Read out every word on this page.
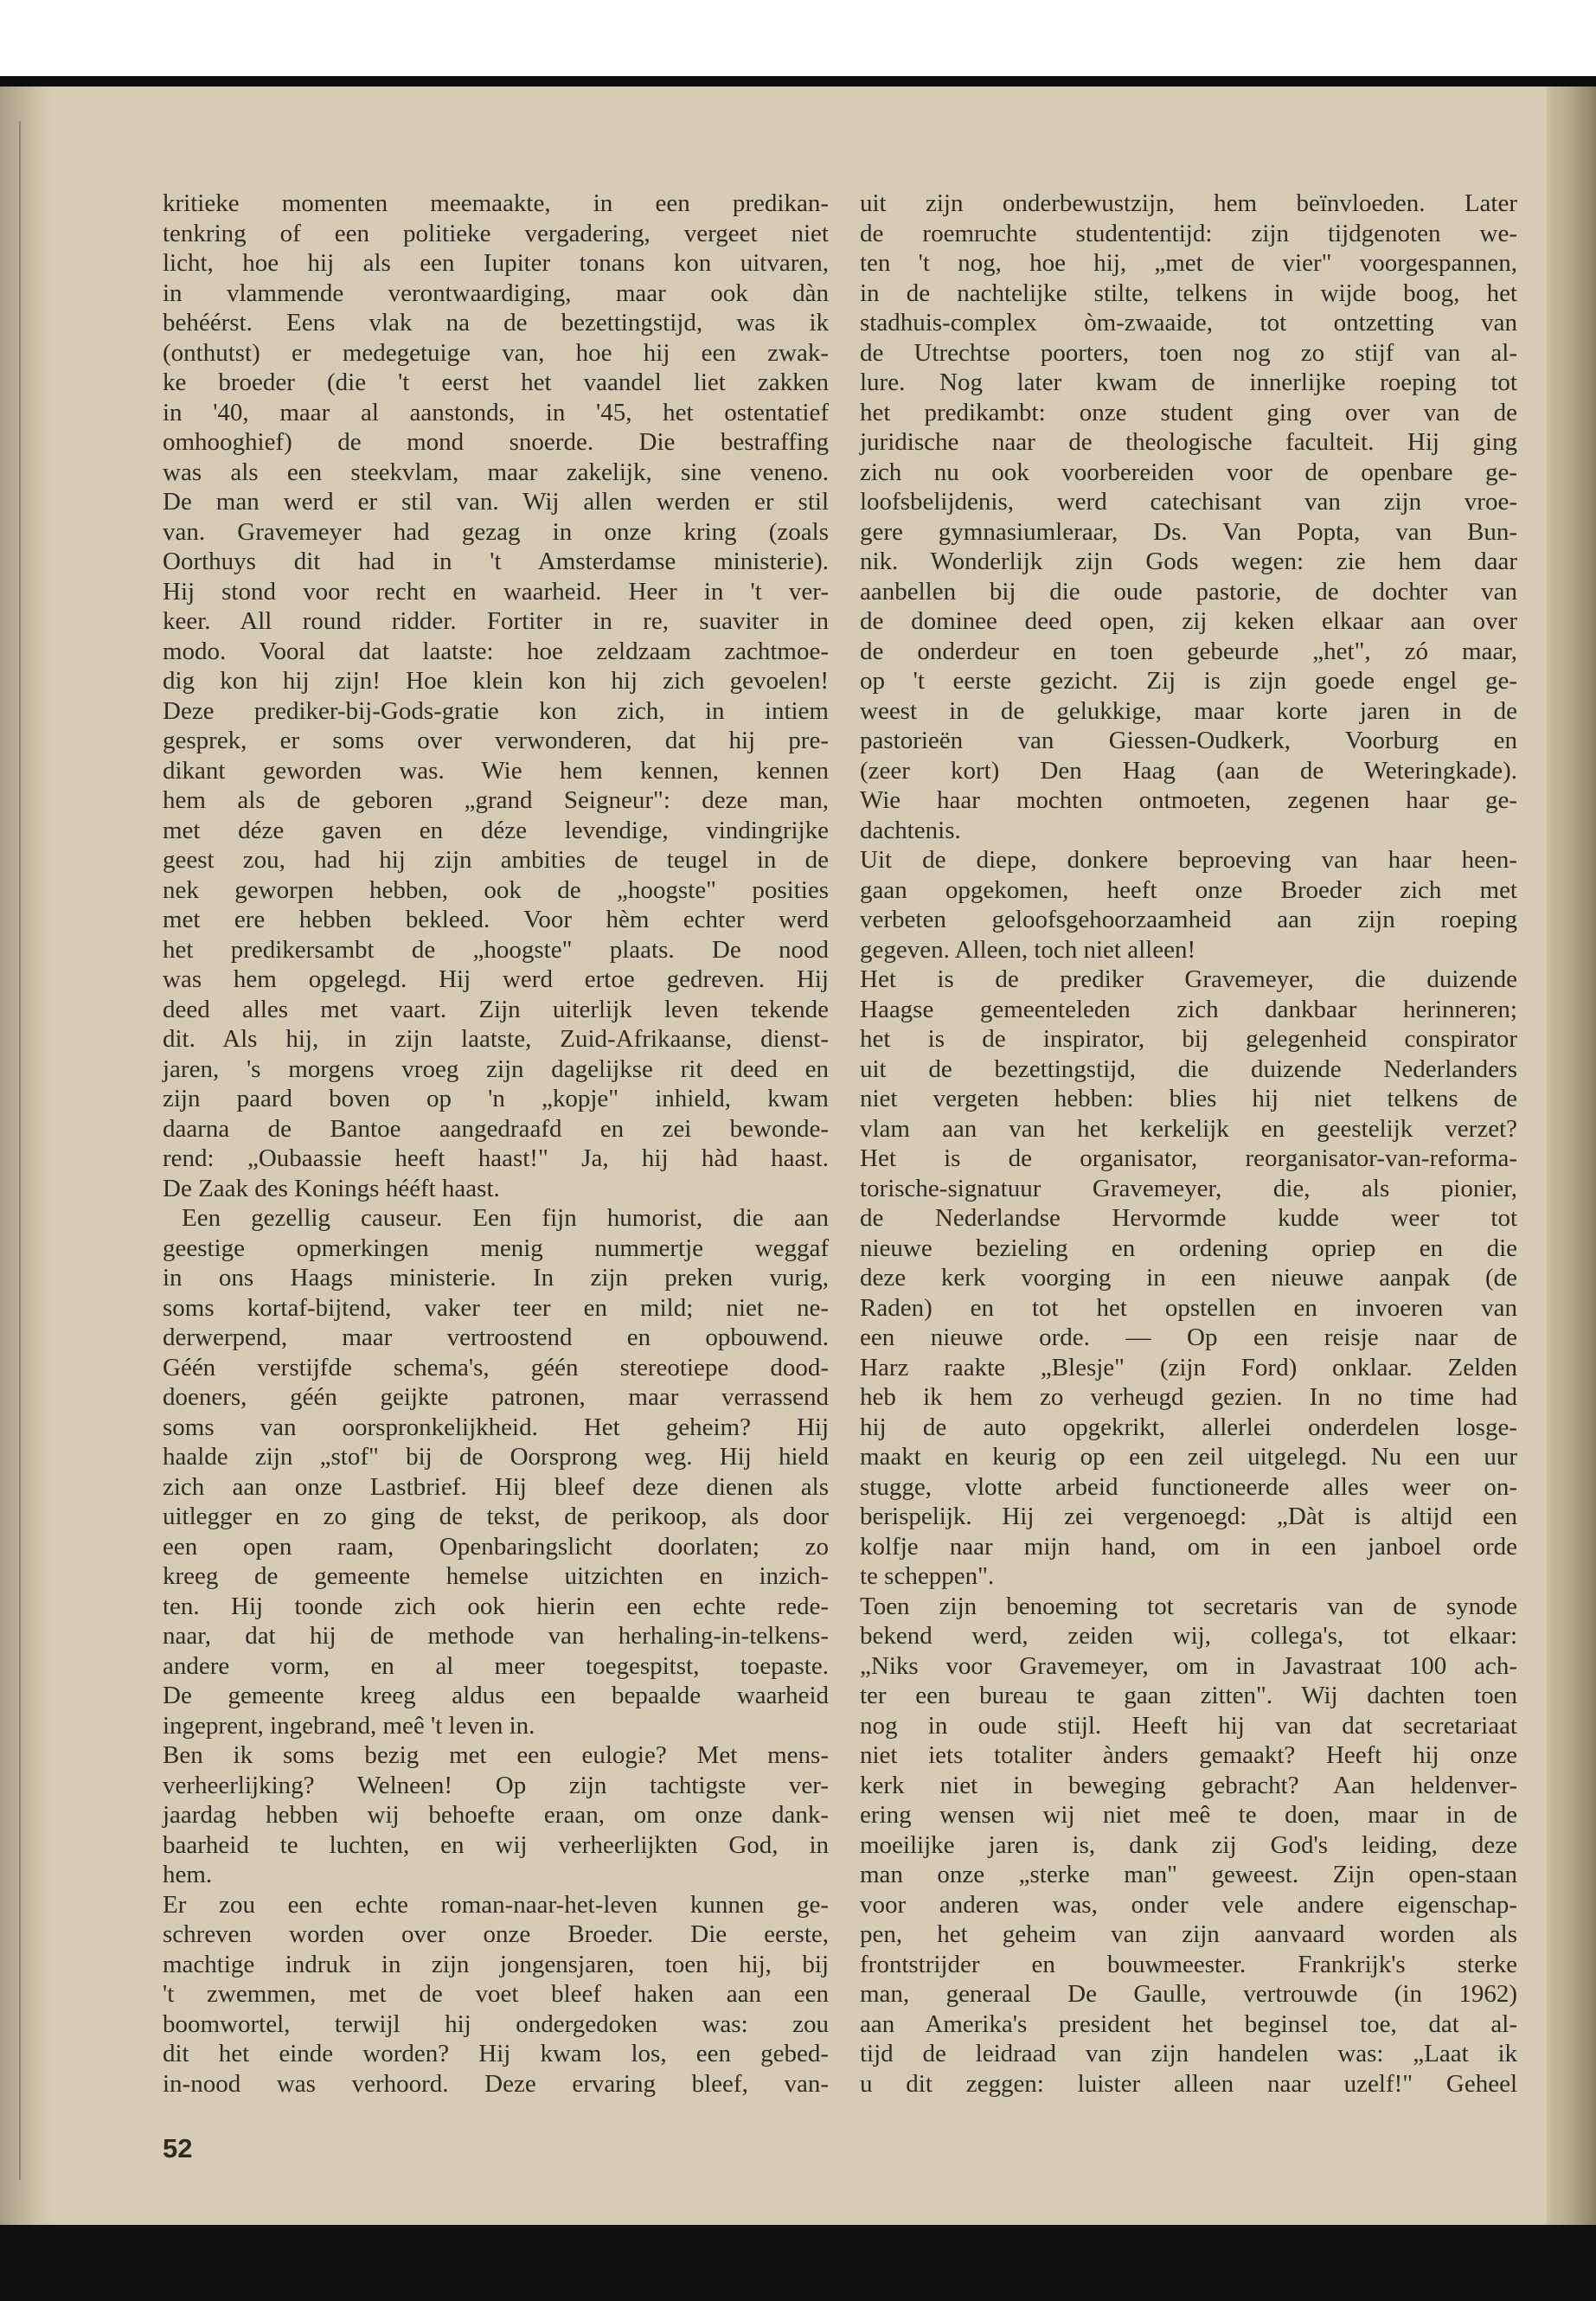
kritieke momenten meemaakte, in een predikan-
tenkring of een politieke vergadering, vergeet niet
licht, hoe hij als een Iupiter tonans kon uitvaren,
in vlammende verontwaardiging, maar ook dàn
behéérst. Eens vlak na de bezettingstijd, was ik
(onthutst) er medegetuige van, hoe hij een zwak-
ke broeder (die 't eerst het vaandel liet zakken
in '40, maar al aanstonds, in '45, het ostentatief
omhooghief) de mond snoerde. Die bestraffing
was als een steekvlam, maar zakelijk, sine veneno.
De man werd er stil van. Wij allen werden er stil
van. Gravemeyer had gezag in onze kring (zoals
Oorthuys dit had in 't Amsterdamse ministerie).
Hij stond voor recht en waarheid. Heer in 't ver-
keer. All round ridder. Fortiter in re, suaviter in
modo. Vooral dat laatste: hoe zeldzaam zachtmoe-
dig kon hij zijn! Hoe klein kon hij zich gevoelen!
Deze prediker-bij-Gods-gratie kon zich, in intiem
gesprek, er soms over verwonderen, dat hij pre-
dikant geworden was. Wie hem kennen, kennen
hem als de geboren „grand Seigneur": deze man,
met déze gaven en déze levendige, vindingrijke
geest zou, had hij zijn ambities de teugel in de
nek geworpen hebben, ook de „hoogste" posities
met ere hebben bekleed. Voor hèm echter werd
het predikersambt de „hoogste" plaats. De nood
was hem opgelegd. Hij werd ertoe gedreven. Hij
deed alles met vaart. Zijn uiterlijk leven tekende
dit. Als hij, in zijn laatste, Zuid-Afrikaanse, dienst-
jaren, 's morgens vroeg zijn dagelijkse rit deed en
zijn paard boven op 'n „kopje" inhield, kwam
daarna de Bantoe aangedraafd en zei bewonde-
rend: „Oubaassie heeft haast!" Ja, hij hàd haast.
De Zaak des Konings hééft haast.
Een gezellig causeur. Een fijn humorist, die aan
geestige opmerkingen menig nummertje weggaf
in ons Haags ministerie. In zijn preken vurig,
soms kortaf-bijtend, vaker teer en mild; niet ne-
derwerpend, maar vertroostend en opbouwend.
Géén verstijfde schema's, géén stereotiepe dood-
doeners, géén geijkte patronen, maar verrassend
soms van oorspronkelijkheid. Het geheim? Hij
haalde zijn „stof" bij de Oorsprong weg. Hij hield
zich aan onze Lastbrief. Hij bleef deze dienen als
uitlegger en zo ging de tekst, de perikoop, als door
een open raam, Openbaringslicht doorlaten; zo
kreeg de gemeente hemelse uitzichten en inzich-
ten. Hij toonde zich ook hierin een echte rede-
naar, dat hij de methode van herhaling-in-telkens-
andere vorm, en al meer toegespitst, toepaste.
De gemeente kreeg aldus een bepaalde waarheid
ingeprent, ingebrand, meê 't leven in.
Ben ik soms bezig met een eulogie? Met mens-
verheerlijking? Welneen! Op zijn tachtigste ver-
jaardag hebben wij behoefte eraan, om onze dank-
baarheid te luchten, en wij verheerlijkten God, in
hem.
Er zou een echte roman-naar-het-leven kunnen ge-
schreven worden over onze Broeder. Die eerste,
machtige indruk in zijn jongensjaren, toen hij, bij
't zwemmen, met de voet bleef haken aan een
boomwortel, terwijl hij ondergedoken was: zou
dit het einde worden? Hij kwam los, een gebed-
in-nood was verhoord. Deze ervaring bleef, van-
uit zijn onderbewustzijn, hem beïnvloeden. Later
de roemruchte studententijd: zijn tijdgenoten we-
ten 't nog, hoe hij, „met de vier" voorgespannen,
in de nachtelijke stilte, telkens in wijde boog, het
stadhuis-complex òm-zwaaide, tot ontzetting van
de Utrechtse poorters, toen nog zo stijf van al-
lure. Nog later kwam de innerlijke roeping tot
het predikambt: onze student ging over van de
juridische naar de theologische faculteit. Hij ging
zich nu ook voorbereiden voor de openbare ge-
loofsbelijdenis, werd catechisant van zijn vroe-
gere gymnasiumleraar, Ds. Van Popta, van Bun-
nik. Wonderlijk zijn Gods wegen: zie hem daar
aanbellen bij die oude pastorie, de dochter van
de dominee deed open, zij keken elkaar aan over
de onderdeur en toen gebeurde „het", zó maar,
op 't eerste gezicht. Zij is zijn goede engel ge-
weest in de gelukkige, maar korte jaren in de
pastorieën van Giessen-Oudkerk, Voorburg en
(zeer kort) Den Haag (aan de Weteringkade).
Wie haar mochten ontmoeten, zegenen haar ge-
dachtenis.
Uit de diepe, donkere beproeving van haar heen-
gaan opgekomen, heeft onze Broeder zich met
verbeten geloofsgehoorzaamheid aan zijn roeping
gegeven. Alleen, toch niet alleen!
Het is de prediker Gravemeyer, die duizende
Haagse gemeenteleden zich dankbaar herinneren;
het is de inspirator, bij gelegenheid conspirator
uit de bezettingstijd, die duizende Nederlanders
niet vergeten hebben: blies hij niet telkens de
vlam aan van het kerkelijk en geestelijk verzet?
Het is de organisator, reorganisator-van-reforma-
torische-signatuur Gravemeyer, die, als pionier,
de Nederlandse Hervormde kudde weer tot
nieuwe bezieling en ordening opriep en die
deze kerk voorging in een nieuwe aanpak (de
Raden) en tot het opstellen en invoeren van
een nieuwe orde. — Op een reisje naar de
Harz raakte „Blesje" (zijn Ford) onklaar. Zelden
heb ik hem zo verheugd gezien. In no time had
hij de auto opgekrikt, allerlei onderdelen losge-
maakt en keurig op een zeil uitgelegd. Nu een uur
stugge, vlotte arbeid functioneerde alles weer on-
berispelijk. Hij zei vergenoegd: „Dàt is altijd een
kolfje naar mijn hand, om in een janboel orde
te scheppen".
Toen zijn benoeming tot secretaris van de synode
bekend werd, zeiden wij, collega's, tot elkaar:
„Niks voor Gravemeyer, om in Javastraat 100 ach-
ter een bureau te gaan zitten". Wij dachten toen
nog in oude stijl. Heeft hij van dat secretariaat
niet iets totaliter ànders gemaakt? Heeft hij onze
kerk niet in beweging gebracht? Aan heldenver-
ering wensen wij niet meê te doen, maar in de
moeilijke jaren is, dank zij God's leiding, deze
man onze „sterke man" geweest. Zijn open-staan
voor anderen was, onder vele andere eigenschap-
pen, het geheim van zijn aanvaard worden als
frontstrijder en bouwmeester. Frankrijk's sterke
man, generaal De Gaulle, vertrouwde (in 1962)
aan Amerika's president het beginsel toe, dat al-
tijd de leidraad van zijn handelen was: „Laat ik
u dit zeggen: luister alleen naar uzelf!" Geheel
52
